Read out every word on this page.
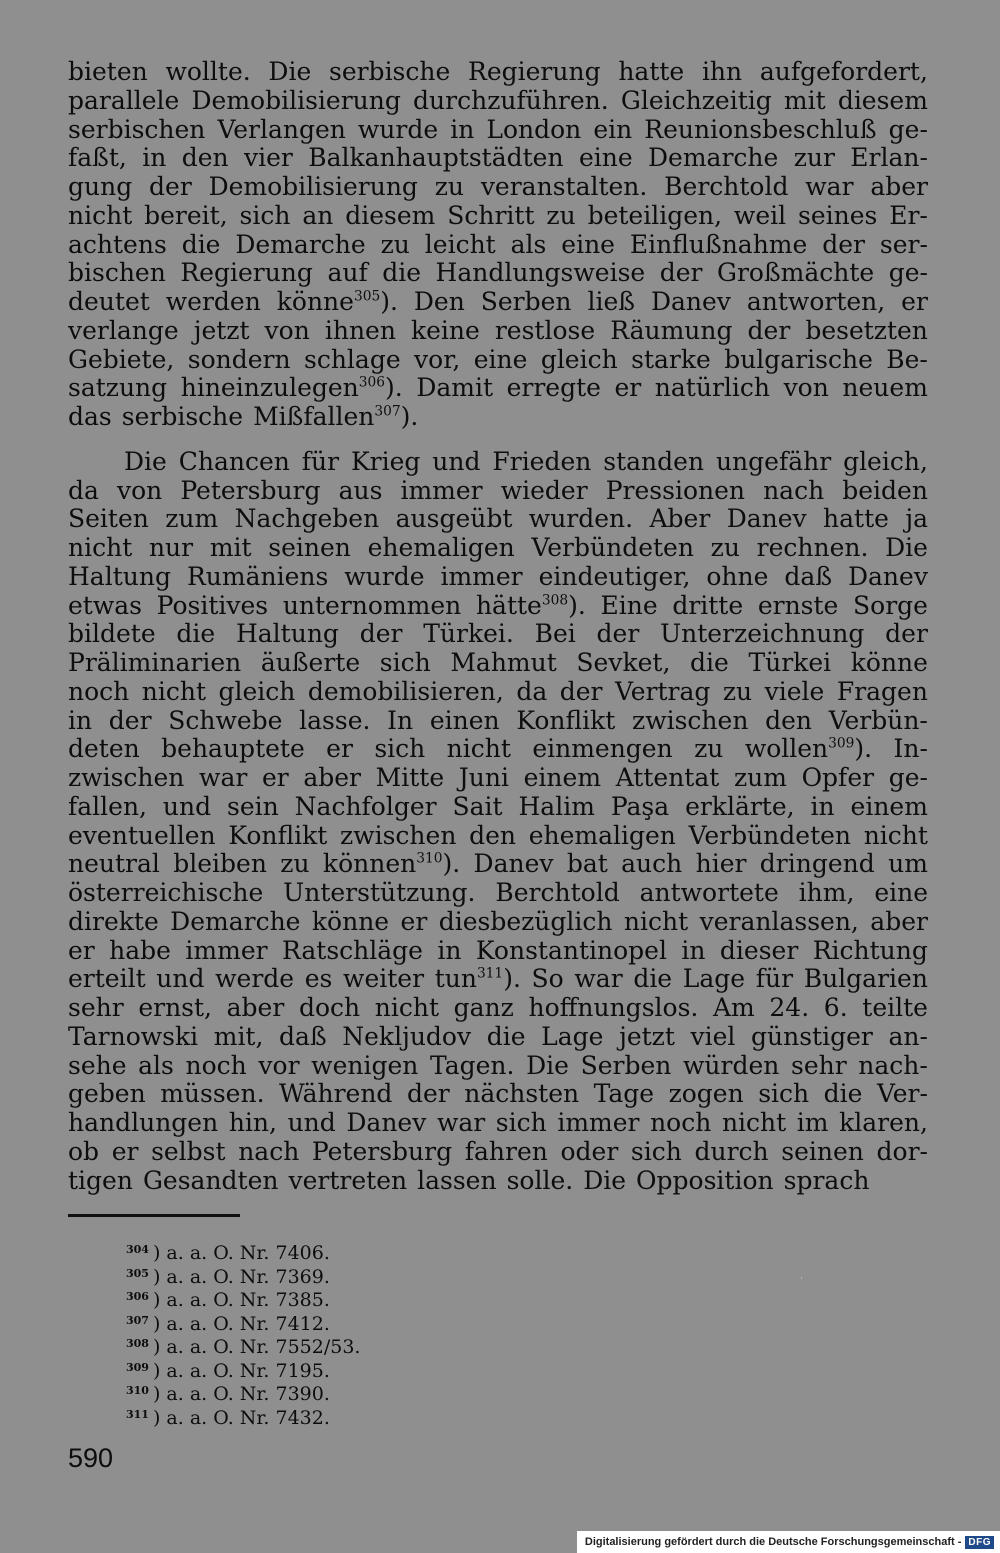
bieten wollte. Die serbische Regierung hatte ihn aufgefordert,
parallele Demobilisierung durchzuführen. Gleichzeitig mit diesem
serbischen Verlangen wurde in London ein Reunionsbeschluß ge-
faßt, in den vier Balkanhauptstädten eine Demarche zur Erlan-
gung der Demobilisierung zu veranstalten. Berchtold war aber
nicht bereit, sich an diesem Schritt zu beteiligen, weil seines Er-
achtens die Demarche zu leicht als eine Einflußnahme der ser-
bischen Regierung auf die Handlungsweise der Großmächte ge-
deutet werden könne$^{305}$). Den Serben ließ Danev antworten, er
verlange jetzt von ihnen keine restlose Räumung der besetzten
Gebiete, sondern schlage vor, eine gleich starke bulgarische Be-
satzung hineinzulegen$^{306}$). Damit erregte er natürlich von neuem
das serbische Mißfallen$^{307}$).
Die Chancen für Krieg und Frieden standen ungefähr gleich,
da von Petersburg aus immer wieder Pressionen nach beiden
Seiten zum Nachgeben ausgeübt wurden. Aber Danev hatte ja
nicht nur mit seinen ehemaligen Verbündeten zu rechnen. Die
Haltung Rumäniens wurde immer eindeutiger, ohne daß Danev
etwas Positives unternommen hätte$^{308}$). Eine dritte ernste Sorge
bildete die Haltung der Türkei. Bei der Unterzeichnung der
Präliminarien äußerte sich Mahmut Sevket, die Türkei könne
noch nicht gleich demobilisieren, da der Vertrag zu viele Fragen
in der Schwebe lasse. In einen Konflikt zwischen den Verbün-
deten behauptete er sich nicht einmengen zu wollen$^{309}$). In-
zwischen war er aber Mitte Juni einem Attentat zum Opfer ge-
fallen, und sein Nachfolger Sait Halim Paşa erklärte, in einem
eventuellen Konflikt zwischen den ehemaligen Verbündeten nicht
neutral bleiben zu können$^{310}$). Danev bat auch hier dringend um
österreichische Unterstützung. Berchtold antwortete ihm, eine
direkte Demarche könne er diesbezüglich nicht veranlassen, aber
er habe immer Ratschläge in Konstantinopel in dieser Richtung
erteilt und werde es weiter tun$^{311}$). So war die Lage für Bulgarien
sehr ernst, aber doch nicht ganz hoffnungslos. Am 24. 6. teilte
Tarnowski mit, daß Nekljudov die Lage jetzt viel günstiger an-
sehe als noch vor wenigen Tagen. Die Serben würden sehr nach-
geben müssen. Während der nächsten Tage zogen sich die Ver-
handlungen hin, und Danev war sich immer noch nicht im klaren,
ob er selbst nach Petersburg fahren oder sich durch seinen dor-
tigen Gesandten vertreten lassen solle. Die Opposition sprach
$^{304}$ ) a. a. O. Nr. 7406.
$^{305}$ ) a. a. O. Nr. 7369.
$^{306}$ ) a. a. O. Nr. 7385.
$^{307}$ ) a. a. O. Nr. 7412.
$^{308}$ ) a. a. O. Nr. 7552/53.
$^{309}$ ) a. a. O. Nr. 7195.
$^{310}$ ) a. a. O. Nr. 7390.
$^{311}$ ) a. a. O. Nr. 7432.
·
590
Digitalisierung gefördert durch die Deutsche Forschungsgemeinschaft - DFG
